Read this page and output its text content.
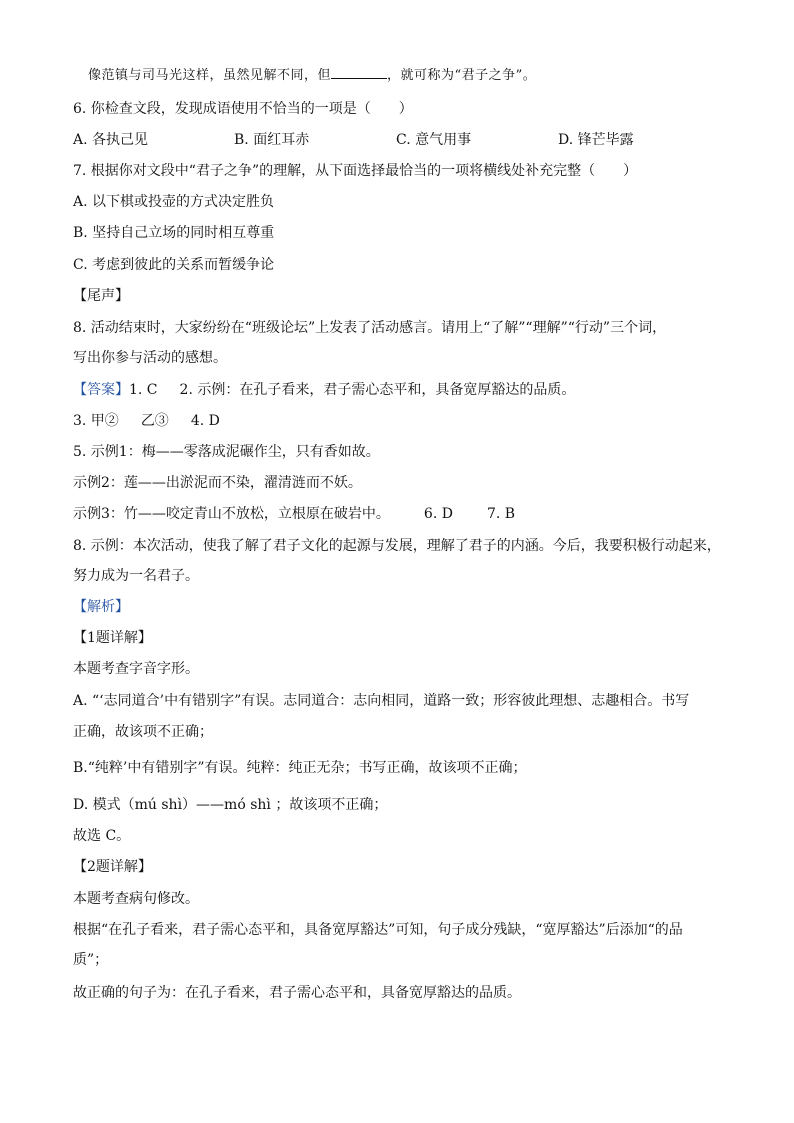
像范镇与司马光这样，虽然见解不同，但	，就可称为“君子之争”。
6. 你检查文段，发现成语使用不恰当的一项是（　　）
A. 各执己见	B. 面红耳赤	C. 意气用事	D. 锋芒毕露
7. 根据你对文段中“君子之争”的理解，从下面选择最恰当的一项将横线处补充完整（　　）
A. 以下棋或投壶的方式决定胜负
B. 坚持自己立场的同时相互尊重
C. 考虑到彼此的关系而暂缓争论
【尾声】
8. 活动结束时，大家纷纷在“班级论坛”上发表了活动感言。请用上“了解”“理解”“行动”三个词，
写出你参与活动的感想。
【答案】1. C 2. 示例：在孔子看来，君子需心态平和，具备宽厚豁达的品质。
3. 甲② 乙③ 4. D
5. 示例1：梅——零落成泥碾作尘，只有香如故。
示例2：莲——出淤泥而不染，濯清涟而不妖。
示例3：竹——咬定青山不放松，立根原在破岩中。 6. D 7. B
8. 示例：本次活动，使我了解了君子文化的起源与发展，理解了君子的内涵。今后，我要积极行动起来，
努力成为一名君子。
【解析】
【1题详解】
本题考查字音字形。
A. “‘志同道合’中有错别字”有误。志同道合：志向相同，道路一致；形容彼此理想、志趣相合。书写
正确，故该项不正确；
B.“纯粹’中有错别字”有误。纯粹：纯正无杂；书写正确，故该项不正确；
D. 模式（mú shì）——mó shì ；故该项不正确；
故选 C。
【2题详解】
本题考查病句修改。
根据“在孔子看来，君子需心态平和，具备宽厚豁达”可知，句子成分残缺，“宽厚豁达”后添加“的品
质”；
故正确的句子为：在孔子看来，君子需心态平和，具备宽厚豁达的品质。
